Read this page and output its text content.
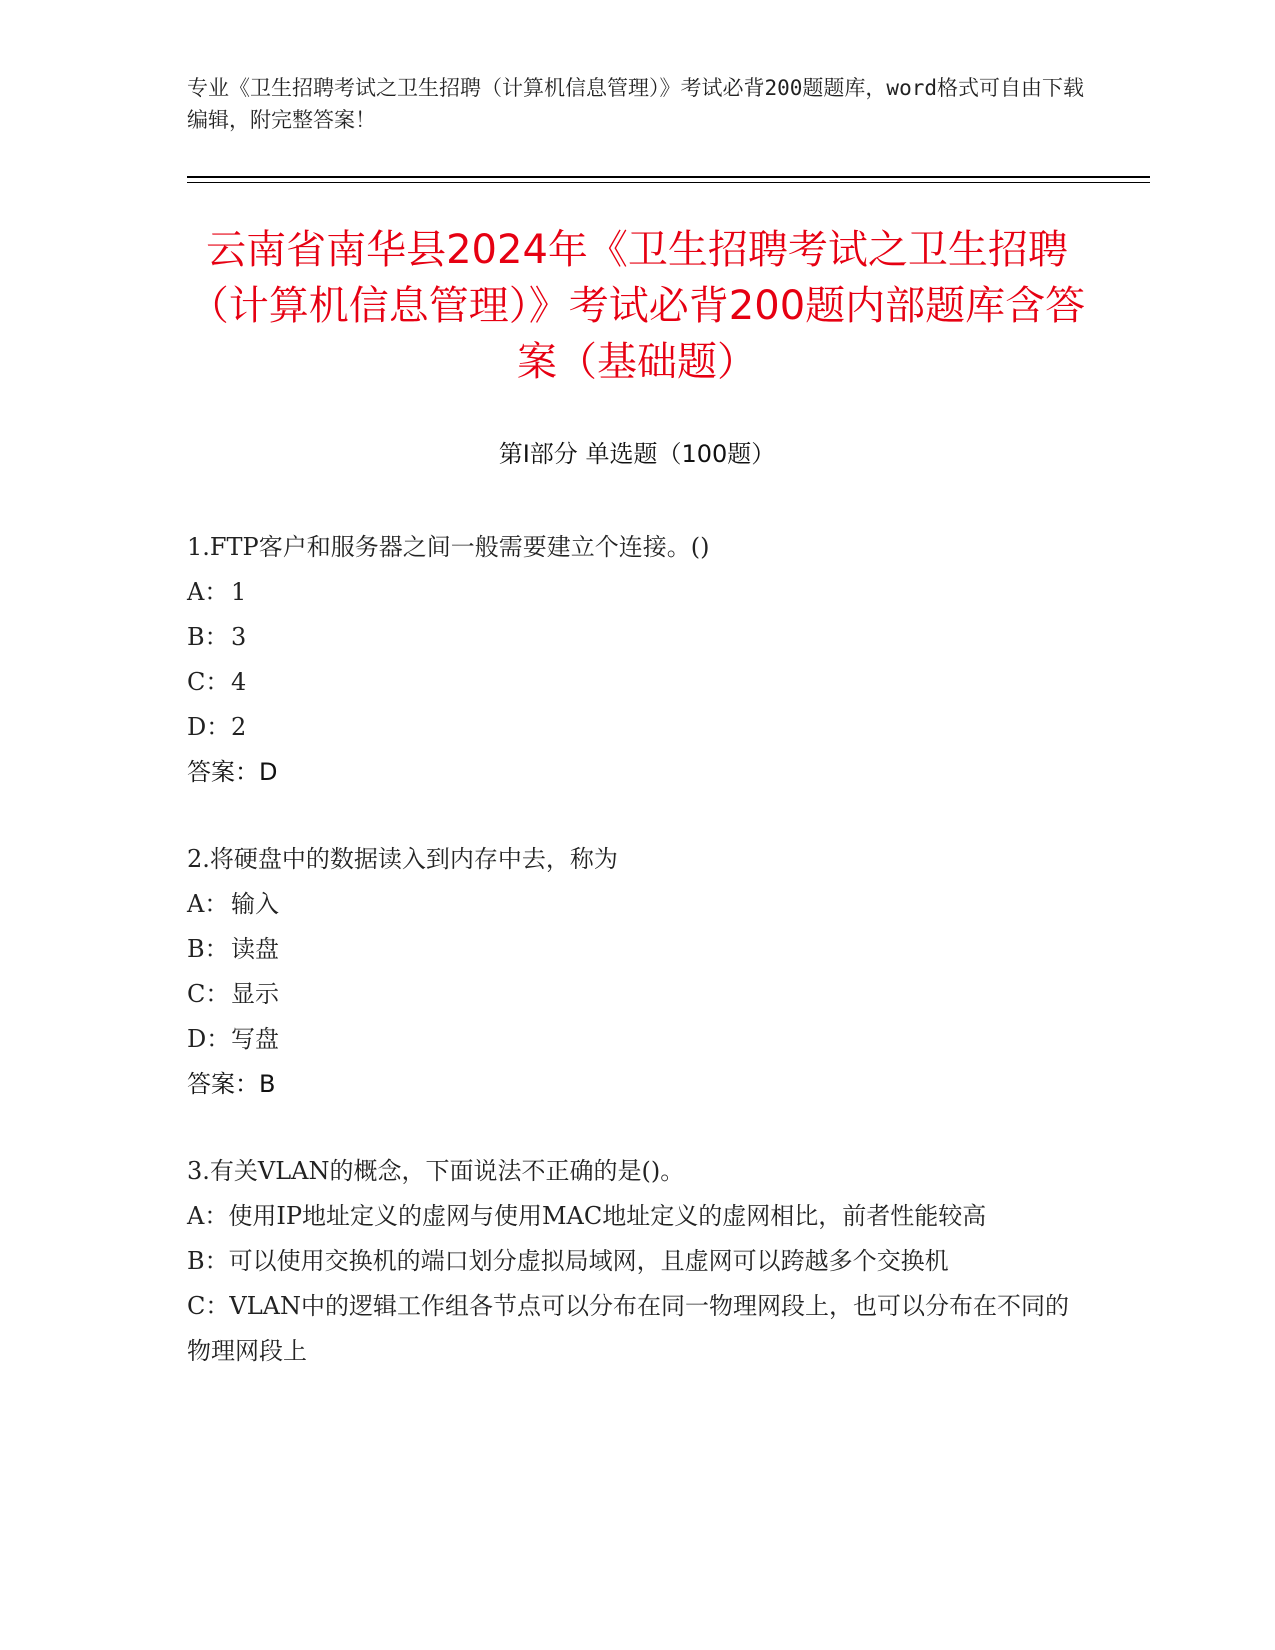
专业《卫生招聘考试之卫生招聘（计算机信息管理）》考试必背200题题库，word格式可自由下载编辑，附完整答案！
云南省南华县2024年《卫生招聘考试之卫生招聘（计算机信息管理）》考试必背200题内部题库含答案（基础题）
第Ⅰ部分 单选题（100题）
1.FTP客户和服务器之间一般需要建立个连接。()
A： 1
B：3
C：4
D：2
答案：D
2.将硬盘中的数据读入到内存中去，称为
A： 输入
B：读盘
C：显示
D：写盘
答案：B
3.有关VLAN的概念，下面说法不正确的是()。
A：使用IP地址定义的虚网与使用MAC地址定义的虚网相比，前者性能较高
B：可以使用交换机的端口划分虚拟局域网，且虚网可以跨越多个交换机
C：VLAN中的逻辑工作组各节点可以分布在同一物理网段上，也可以分布在不同的物理网段上
